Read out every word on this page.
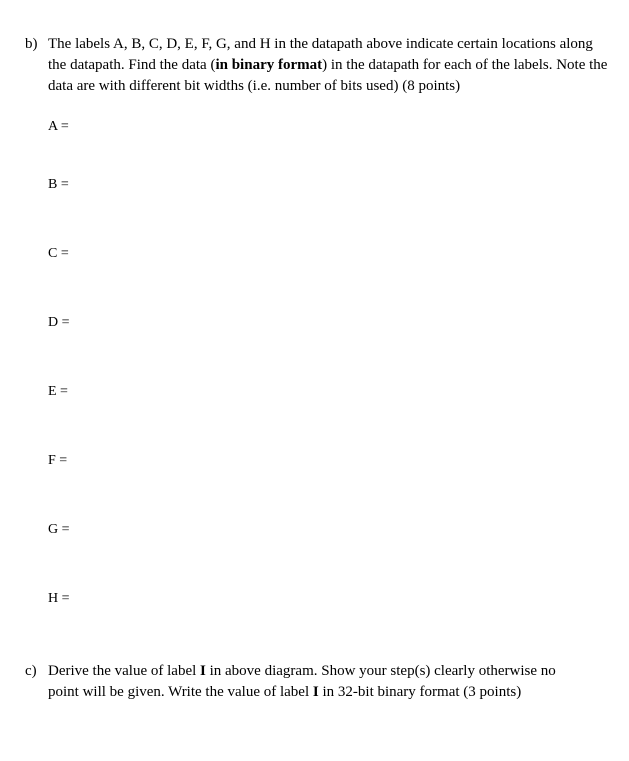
b) The labels A, B, C, D, E, F, G, and H in the datapath above indicate certain locations along
the datapath. Find the data (in binary format) in the datapath for each of the labels. Note the
data are with different bit widths (i.e. number of bits used) (8 points)
A =
B =
C =
D =
E =
F =
G =
H =
c) Derive the value of label I in above diagram. Show your step(s) clearly otherwise no
point will be given. Write the value of label I in 32-bit binary format (3 points)
